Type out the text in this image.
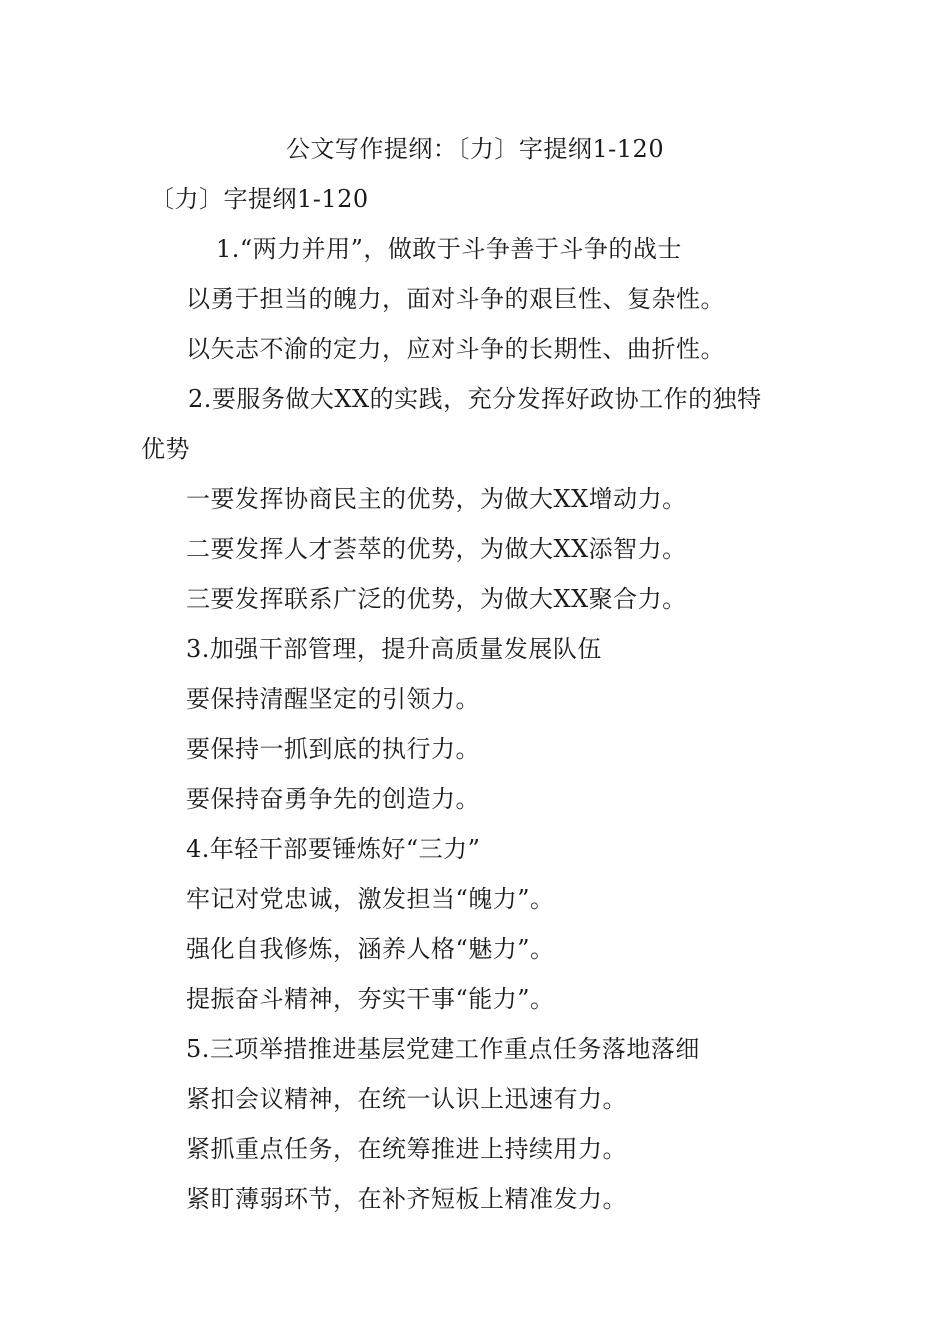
公文写作提纲：〔力〕字提纲1-120
〔力〕字提纲1-120
1.“两力并用”，做敢于斗争善于斗争的战士
以勇于担当的魄力，面对斗争的艰巨性、复杂性。
以矢志不渝的定力，应对斗争的长期性、曲折性。
2.要服务做大XX的实践，充分发挥好政协工作的独特
优势
一要发挥协商民主的优势，为做大XX增动力。
二要发挥人才荟萃的优势，为做大XX添智力。
三要发挥联系广泛的优势，为做大XX聚合力。
3.加强干部管理，提升高质量发展队伍
要保持清醒坚定的引领力。
要保持一抓到底的执行力。
要保持奋勇争先的创造力。
4.年轻干部要锤炼好“三力”
牢记对党忠诚，激发担当“魄力”。
强化自我修炼，涵养人格“魅力”。
提振奋斗精神，夯实干事“能力”。
5.三项举措推进基层党建工作重点任务落地落细
紧扣会议精神，在统一认识上迅速有力。
紧抓重点任务，在统筹推进上持续用力。
紧盯薄弱环节，在补齐短板上精准发力。
